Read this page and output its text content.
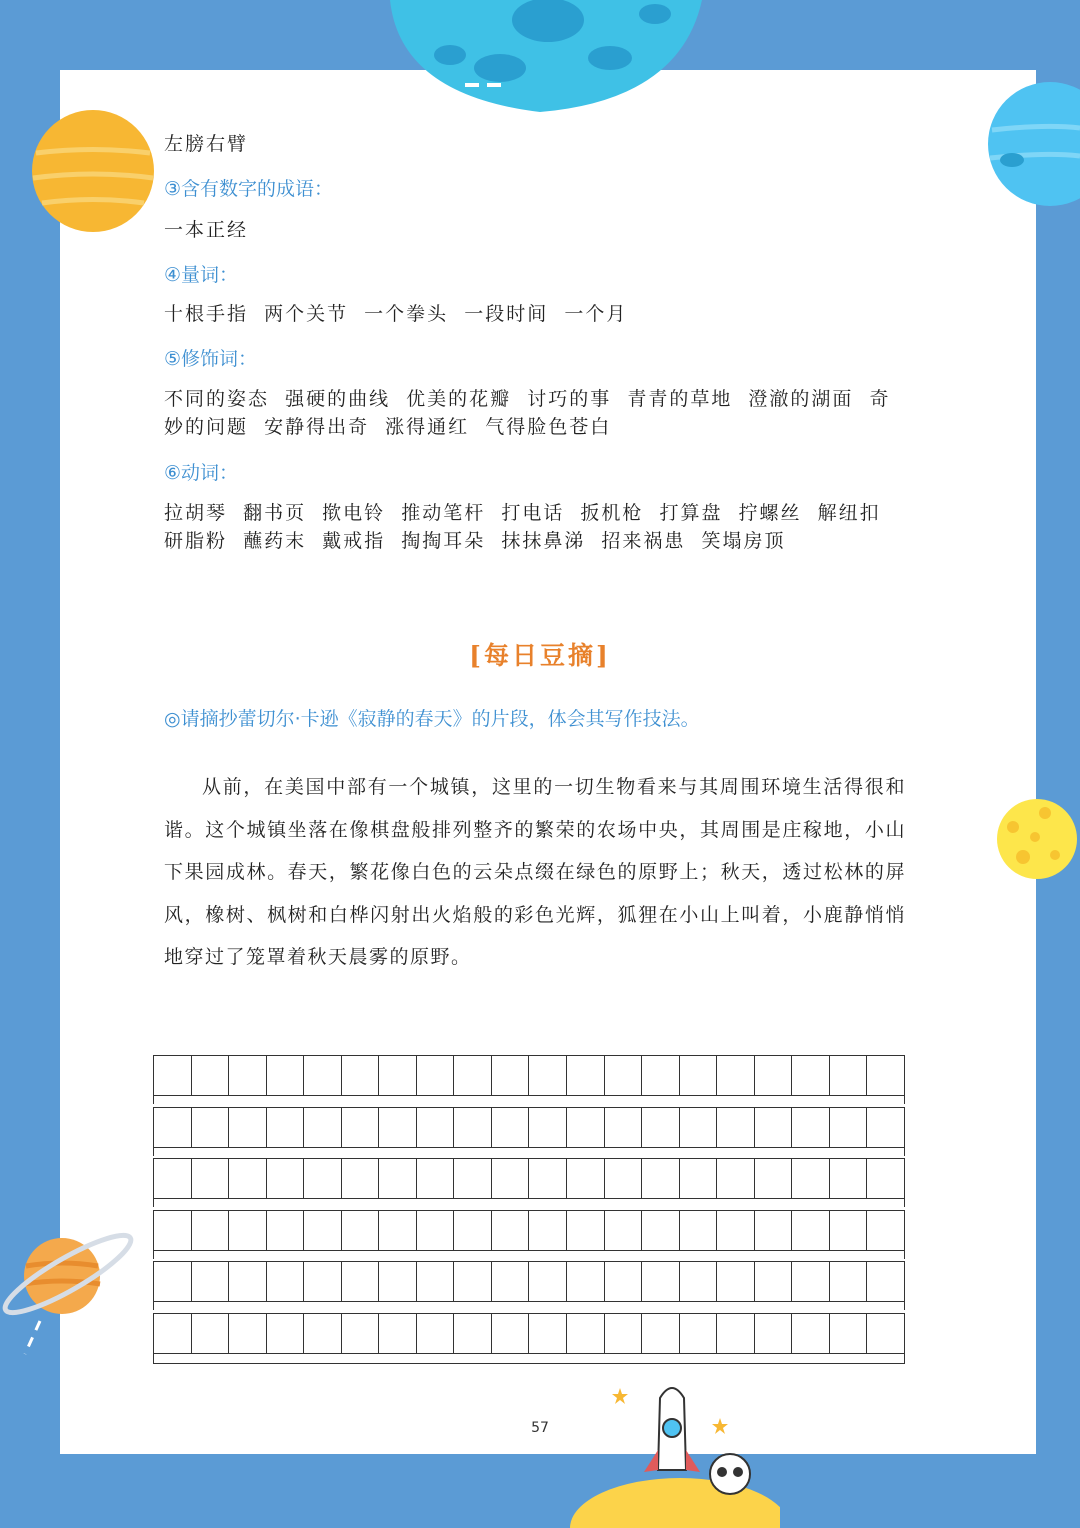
左膀右臂
③含有数字的成语：
一本正经
④量词：
十根手指  两个关节  一个拳头  一段时间  一个月
⑤修饰词：
不同的姿态  强硬的曲线  优美的花瓣  讨巧的事  青青的草地  澄澈的湖面  奇妙的问题  安静得出奇  涨得通红  气得脸色苍白
⑥动词：
拉胡琴  翻书页  揿电铃  推动笔杆  打电话  扳机枪  打算盘  拧螺丝  解纽扣  研脂粉  蘸药末  戴戒指  掏掏耳朵  抹抹鼻涕  招来祸患  笑塌房顶
[每日豆摘]
◎请摘抄蕾切尔·卡逊《寂静的春天》的片段，体会其写作技法。
从前，在美国中部有一个城镇，这里的一切生物看来与其周围环境生活得很和谐。这个城镇坐落在像棋盘般排列整齐的繁荣的农场中央，其周围是庄稼地，小山下果园成林。春天，繁花像白色的云朵点缀在绿色的原野上；秋天，透过松林的屏风，橡树、枫树和白桦闪射出火焰般的彩色光辉，狐狸在小山上叫着，小鹿静悄悄地穿过了笼罩着秋天晨雾的原野。
57
